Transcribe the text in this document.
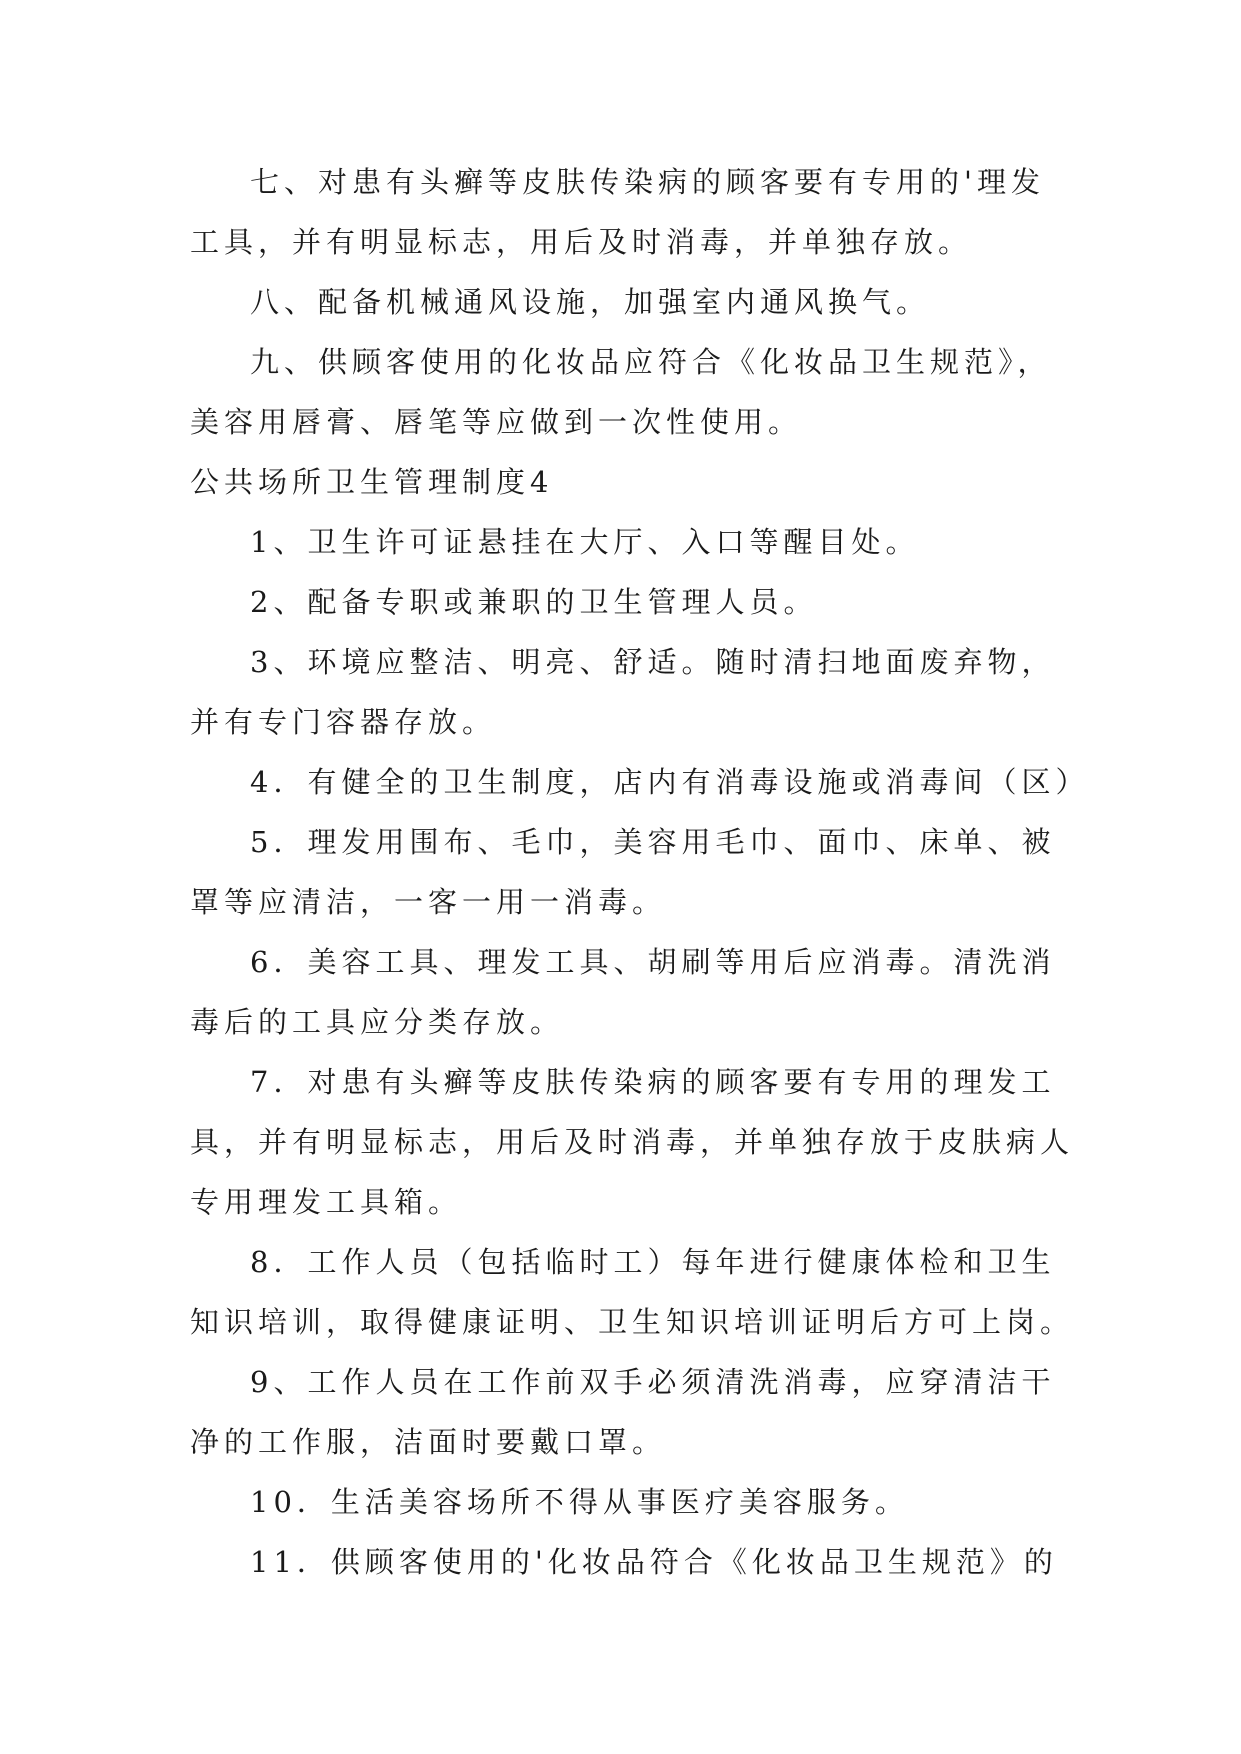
七、对患有头癣等皮肤传染病的顾客要有专用的'理发

工具，并有明显标志，用后及时消毒，并单独存放。

八、配备机械通风设施，加强室内通风换气。

九、供顾客使用的化妆品应符合《化妆品卫生规范》，

美容用唇膏、唇笔等应做到一次性使用。

公共场所卫生管理制度4

1、卫生许可证悬挂在大厅、入口等醒目处。

2、配备专职或兼职的卫生管理人员。

3、环境应整洁、明亮、舒适。随时清扫地面废弃物，

并有专门容器存放。

4．有健全的卫生制度，店内有消毒设施或消毒间（区）

5．理发用围布、毛巾，美容用毛巾、面巾、床单、被

罩等应清洁，一客一用一消毒。

6．美容工具、理发工具、胡刷等用后应消毒。清洗消

毒后的工具应分类存放。

7．对患有头癣等皮肤传染病的顾客要有专用的理发工

具，并有明显标志，用后及时消毒，并单独存放于皮肤病人

专用理发工具箱。

8．工作人员（包括临时工）每年进行健康体检和卫生

知识培训，取得健康证明、卫生知识培训证明后方可上岗。

9、工作人员在工作前双手必须清洗消毒，应穿清洁干

净的工作服，洁面时要戴口罩。

10．生活美容场所不得从事医疗美容服务。

11．供顾客使用的'化妆品符合《化妆品卫生规范》的
